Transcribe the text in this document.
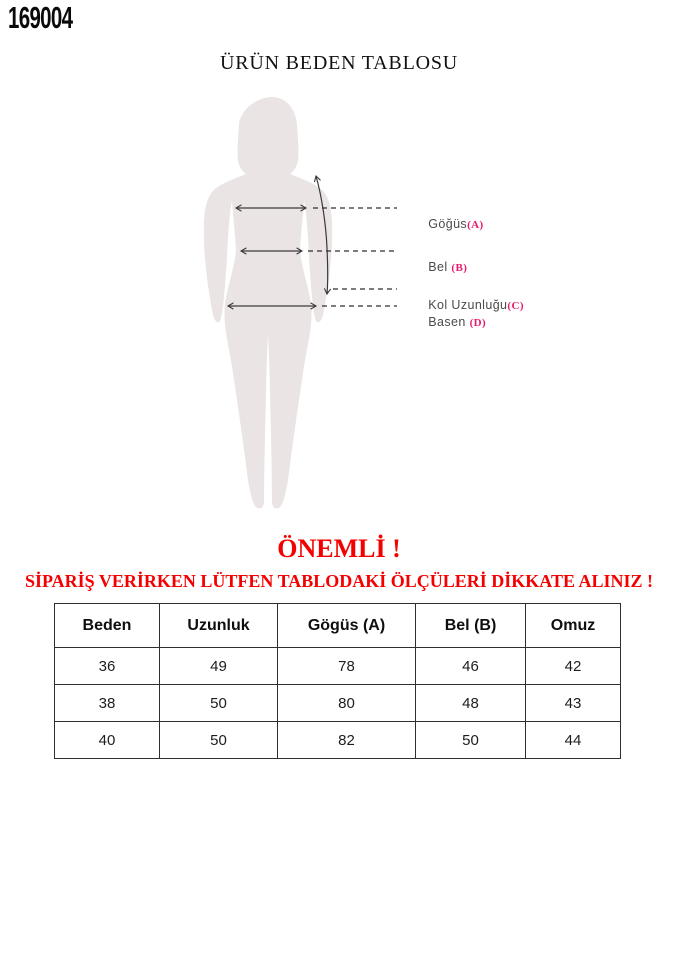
169004
ÜRÜN BEDEN TABLOSU

Göğüs(A)

Bel (B)

Kol Uzunluğu(C)

Basen (D)

ÖNEMLİ !
SİPARİŞ VERİRKEN LÜTFEN TABLODAKİ ÖLÇÜLERİ DİKKATE ALINIZ !
Beden	Uzunluk	Gögüs (A)	Bel (B)	Omuz
36	49	78	46	42
38	50	80	48	43
40	50	82	50	44
